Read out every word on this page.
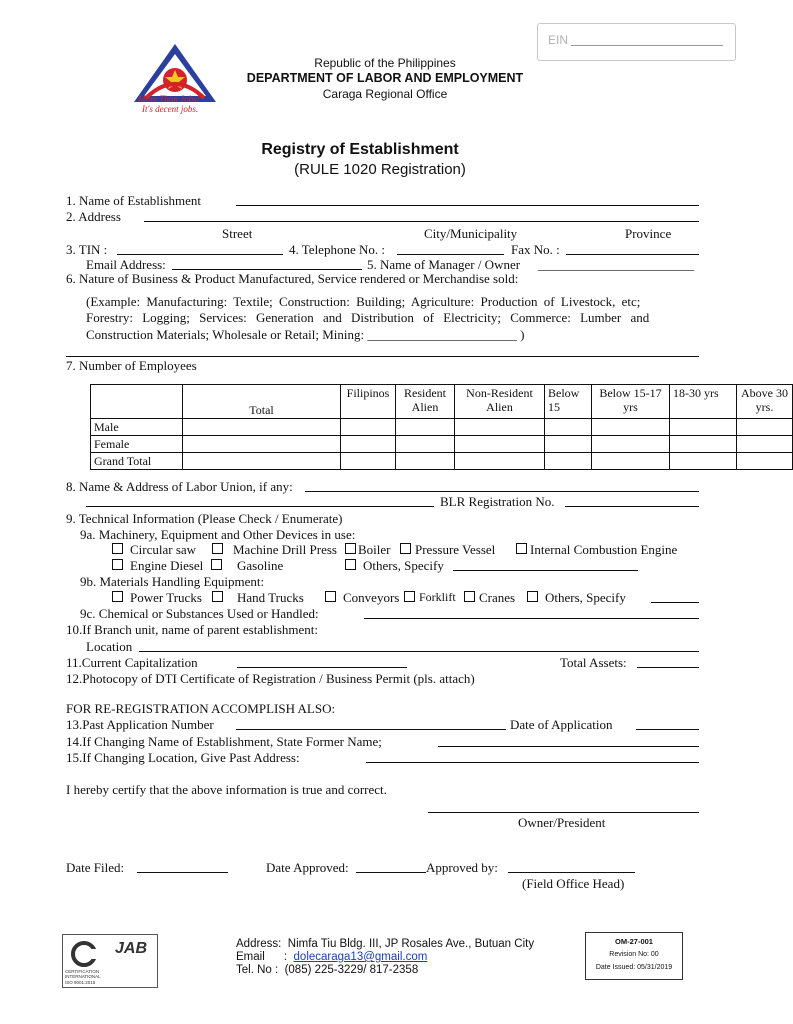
EIN
More Than Jobs!
It's decent jobs.
Republic of the Philippines
DEPARTMENT OF LABOR AND EMPLOYMENT
Caraga Regional Office
Registry of Establishment
(RULE 1020 Registration)
1. Name of Establishment
2. Address
Street	City/Municipality	Province
3. TIN :	4. Telephone No. :	Fax No. :
Email Address:	5. Name of Manager / Owner ________________________
6. Nature of Business & Product Manufactured, Service rendered or Merchandise sold:
(Example: Manufacturing: Textile; Construction: Building; Agriculture: Production of Livestock, etc;
Forestry: Logging; Services: Generation and Distribution of Electricity; Commerce: Lumber and
Construction Materials; Wholesale or Retail; Mining: _______________________ )
7. Number of Employees
	Total	Filipinos	Resident Alien	Non-Resident Alien	Below 15	Below 15-17 yrs	18-30 yrs	Above 30 yrs.
Male								
Female								
Grand Total								
8. Name & Address of Labor Union, if any:
BLR Registration No.
9. Technical Information (Please Check / Enumerate)
9a. Machinery, Equipment and Other Devices in use:
Circular saw	Machine Drill Press Boiler Pressure Vessel	Internal Combustion Engine
Engine Diesel	Gasoline	Others, Specify
9b. Materials Handling Equipment:
Power Trucks	Hand Trucks	Conveyors Forklift Cranes Others, Specify
9c. Chemical or Substances Used or Handled:
10.If Branch unit, name of parent establishment:
Location
11.Current Capitalization	Total Assets:
12.Photocopy of DTI Certificate of Registration / Business Permit (pls. attach)
FOR RE-REGISTRATION ACCOMPLISH ALSO:
13.Past Application Number	Date of Application
14.If Changing Name of Establishment, State Former Name;
15.If Changing Location, Give Past Address:
I hereby certify that the above information is true and correct.
Owner/President
Date Filed:	Date Approved:	Approved by:
(Field Office Head)
JAB
CERTIFICATION INTERNATIONAL
ISO 9001:2015
Address: Nimfa Tiu Bldg. III, JP Rosales Ave., Butuan City
Email      :  dolecaraga13@gmail.com
Tel. No : (085) 225-3229/ 817-2358
OM-27-001
Revision No: 00
Date Issued: 05/31/2019
